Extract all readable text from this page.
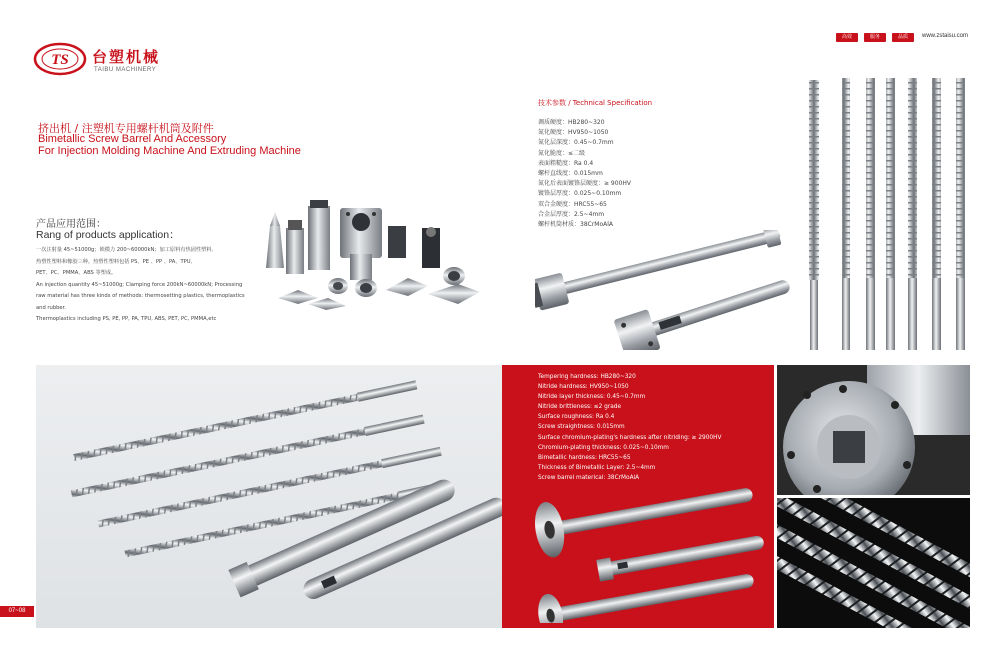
TS 台塑机械
TAIBU MACHINERY
高效	服务	品质	www.zstaisu.com
挤出机 / 注塑机专用螺杆机筒及附件
Bimetallic Screw Barrel And Accessory
For Injection Molding Machine And Extruding Machine
产品应用范围：
Rang of products application：
一次注射量 45~51000g；锁模力 200~60000kN；加工原料有热固性塑料、
热塑性塑料和橡胶三种。热塑性塑料包括 PS、PE 、PP 、PA、TPU、
PET、PC、PMMA、ABS 等塑成。
An injection quantity 45~51000g; Clamping force 200kN~60000kN; Processing
raw material has three kinds of methods: thermosetting plastics, thermoplastics
and rubber.
Thermoplastics including PS, PE, PP, PA, TPU, ABS, PET, PC, PMMA,etc
技术参数 / Technical Specification
调质硬度：HB280~320
氮化硬度：HV950~1050
氮化层深度：0.45~0.7mm
氮化脆度：≤二级
表面粗糙度：Ra 0.4
螺杆直线度：0.015mm
氮化后表面镀铬层硬度：≥ 900HV
镀铬层厚度：0.025~0.10mm
双合金硬度：HRC55~65
合金层厚度：2.5~4mm
螺杆机筒材质：38CrMoAlA
Tempering hardness: HB280~320
Nitride hardness: HV950~1050
Nitride layer thickness: 0.45~0.7mm
Nitride brittleness: ≤2 grade
Surface roughness: Ra 0.4
Screw straightness: 0.015mm
Surface chromium-plating's hardness after nitriding: ≥ 2900HV
Chromium-plating thickness: 0.025~0.10mm
Bimetallic hardness: HRC55~65
Thickness of Bimetallic Layer: 2.5~4mm
Screw barrel materical: 38CrMoAlA
07~08
